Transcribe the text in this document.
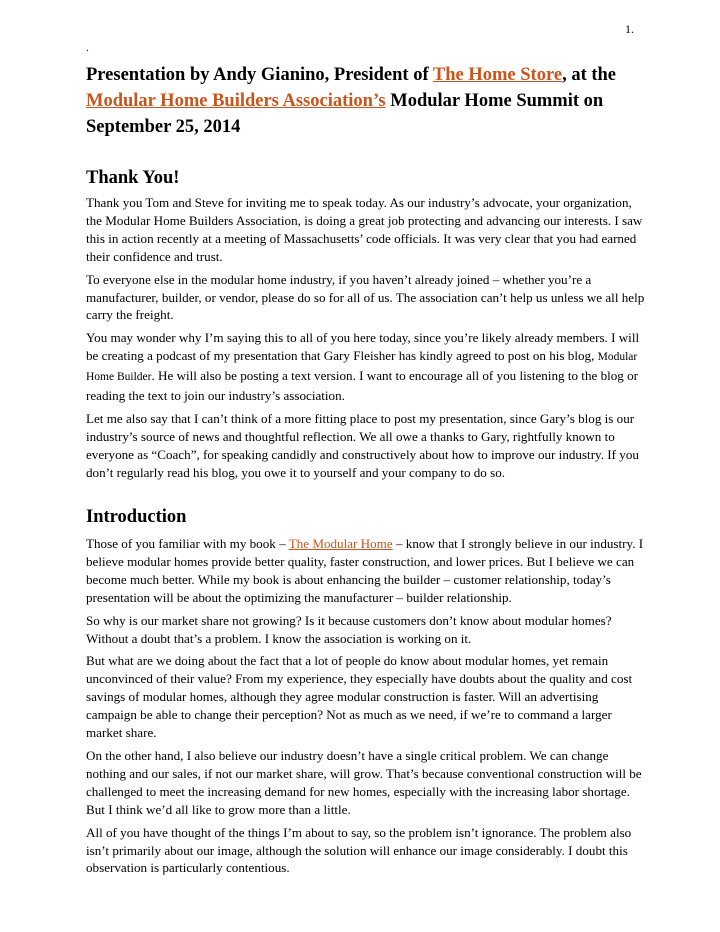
1.
.
Presentation by Andy Gianino, President of The Home Store, at the Modular Home Builders Association’s Modular Home Summit on September 25, 2014
Thank You!

Thank you Tom and Steve for inviting me to speak today. As our industry’s advocate, your organization, the Modular Home Builders Association, is doing a great job protecting and advancing our interests. I saw this in action recently at a meeting of Massachusetts’ code officials. It was very clear that you had earned their confidence and trust.

To everyone else in the modular home industry, if you haven’t already joined – whether you’re a manufacturer, builder, or vendor, please do so for all of us. The association can’t help us unless we all help carry the freight.

You may wonder why I’m saying this to all of you here today, since you’re likely already members. I will be creating a podcast of my presentation that Gary Fleisher has kindly agreed to post on his blog, Modular Home Builder. He will also be posting a text version. I want to encourage all of you listening to the blog or reading the text to join our industry’s association.

Let me also say that I can’t think of a more fitting place to post my presentation, since Gary’s blog is our industry’s source of news and thoughtful reflection. We all owe a thanks to Gary, rightfully known to everyone as “Coach”, for speaking candidly and constructively about how to improve our industry. If you don’t regularly read his blog, you owe it to yourself and your company to do so.

Introduction

Those of you familiar with my book – The Modular Home – know that I strongly believe in our industry. I believe modular homes provide better quality, faster construction, and lower prices. But I believe we can become much better. While my book is about enhancing the builder – customer relationship, today’s presentation will be about the optimizing the manufacturer – builder relationship.

So why is our market share not growing? Is it because customers don’t know about modular homes? Without a doubt that’s a problem. I know the association is working on it.

But what are we doing about the fact that a lot of people do know about modular homes, yet remain unconvinced of their value? From my experience, they especially have doubts about the quality and cost savings of modular homes, although they agree modular construction is faster. Will an advertising campaign be able to change their perception? Not as much as we need, if we’re to command a larger market share.

On the other hand, I also believe our industry doesn’t have a single critical problem. We can change nothing and our sales, if not our market share, will grow. That’s because conventional construction will be challenged to meet the increasing demand for new homes, especially with the increasing labor shortage. But I think we’d all like to grow more than a little.

All of you have thought of the things I’m about to say, so the problem isn’t ignorance. The problem also isn’t primarily about our image, although the solution will enhance our image considerably. I doubt this observation is particularly contentious.
